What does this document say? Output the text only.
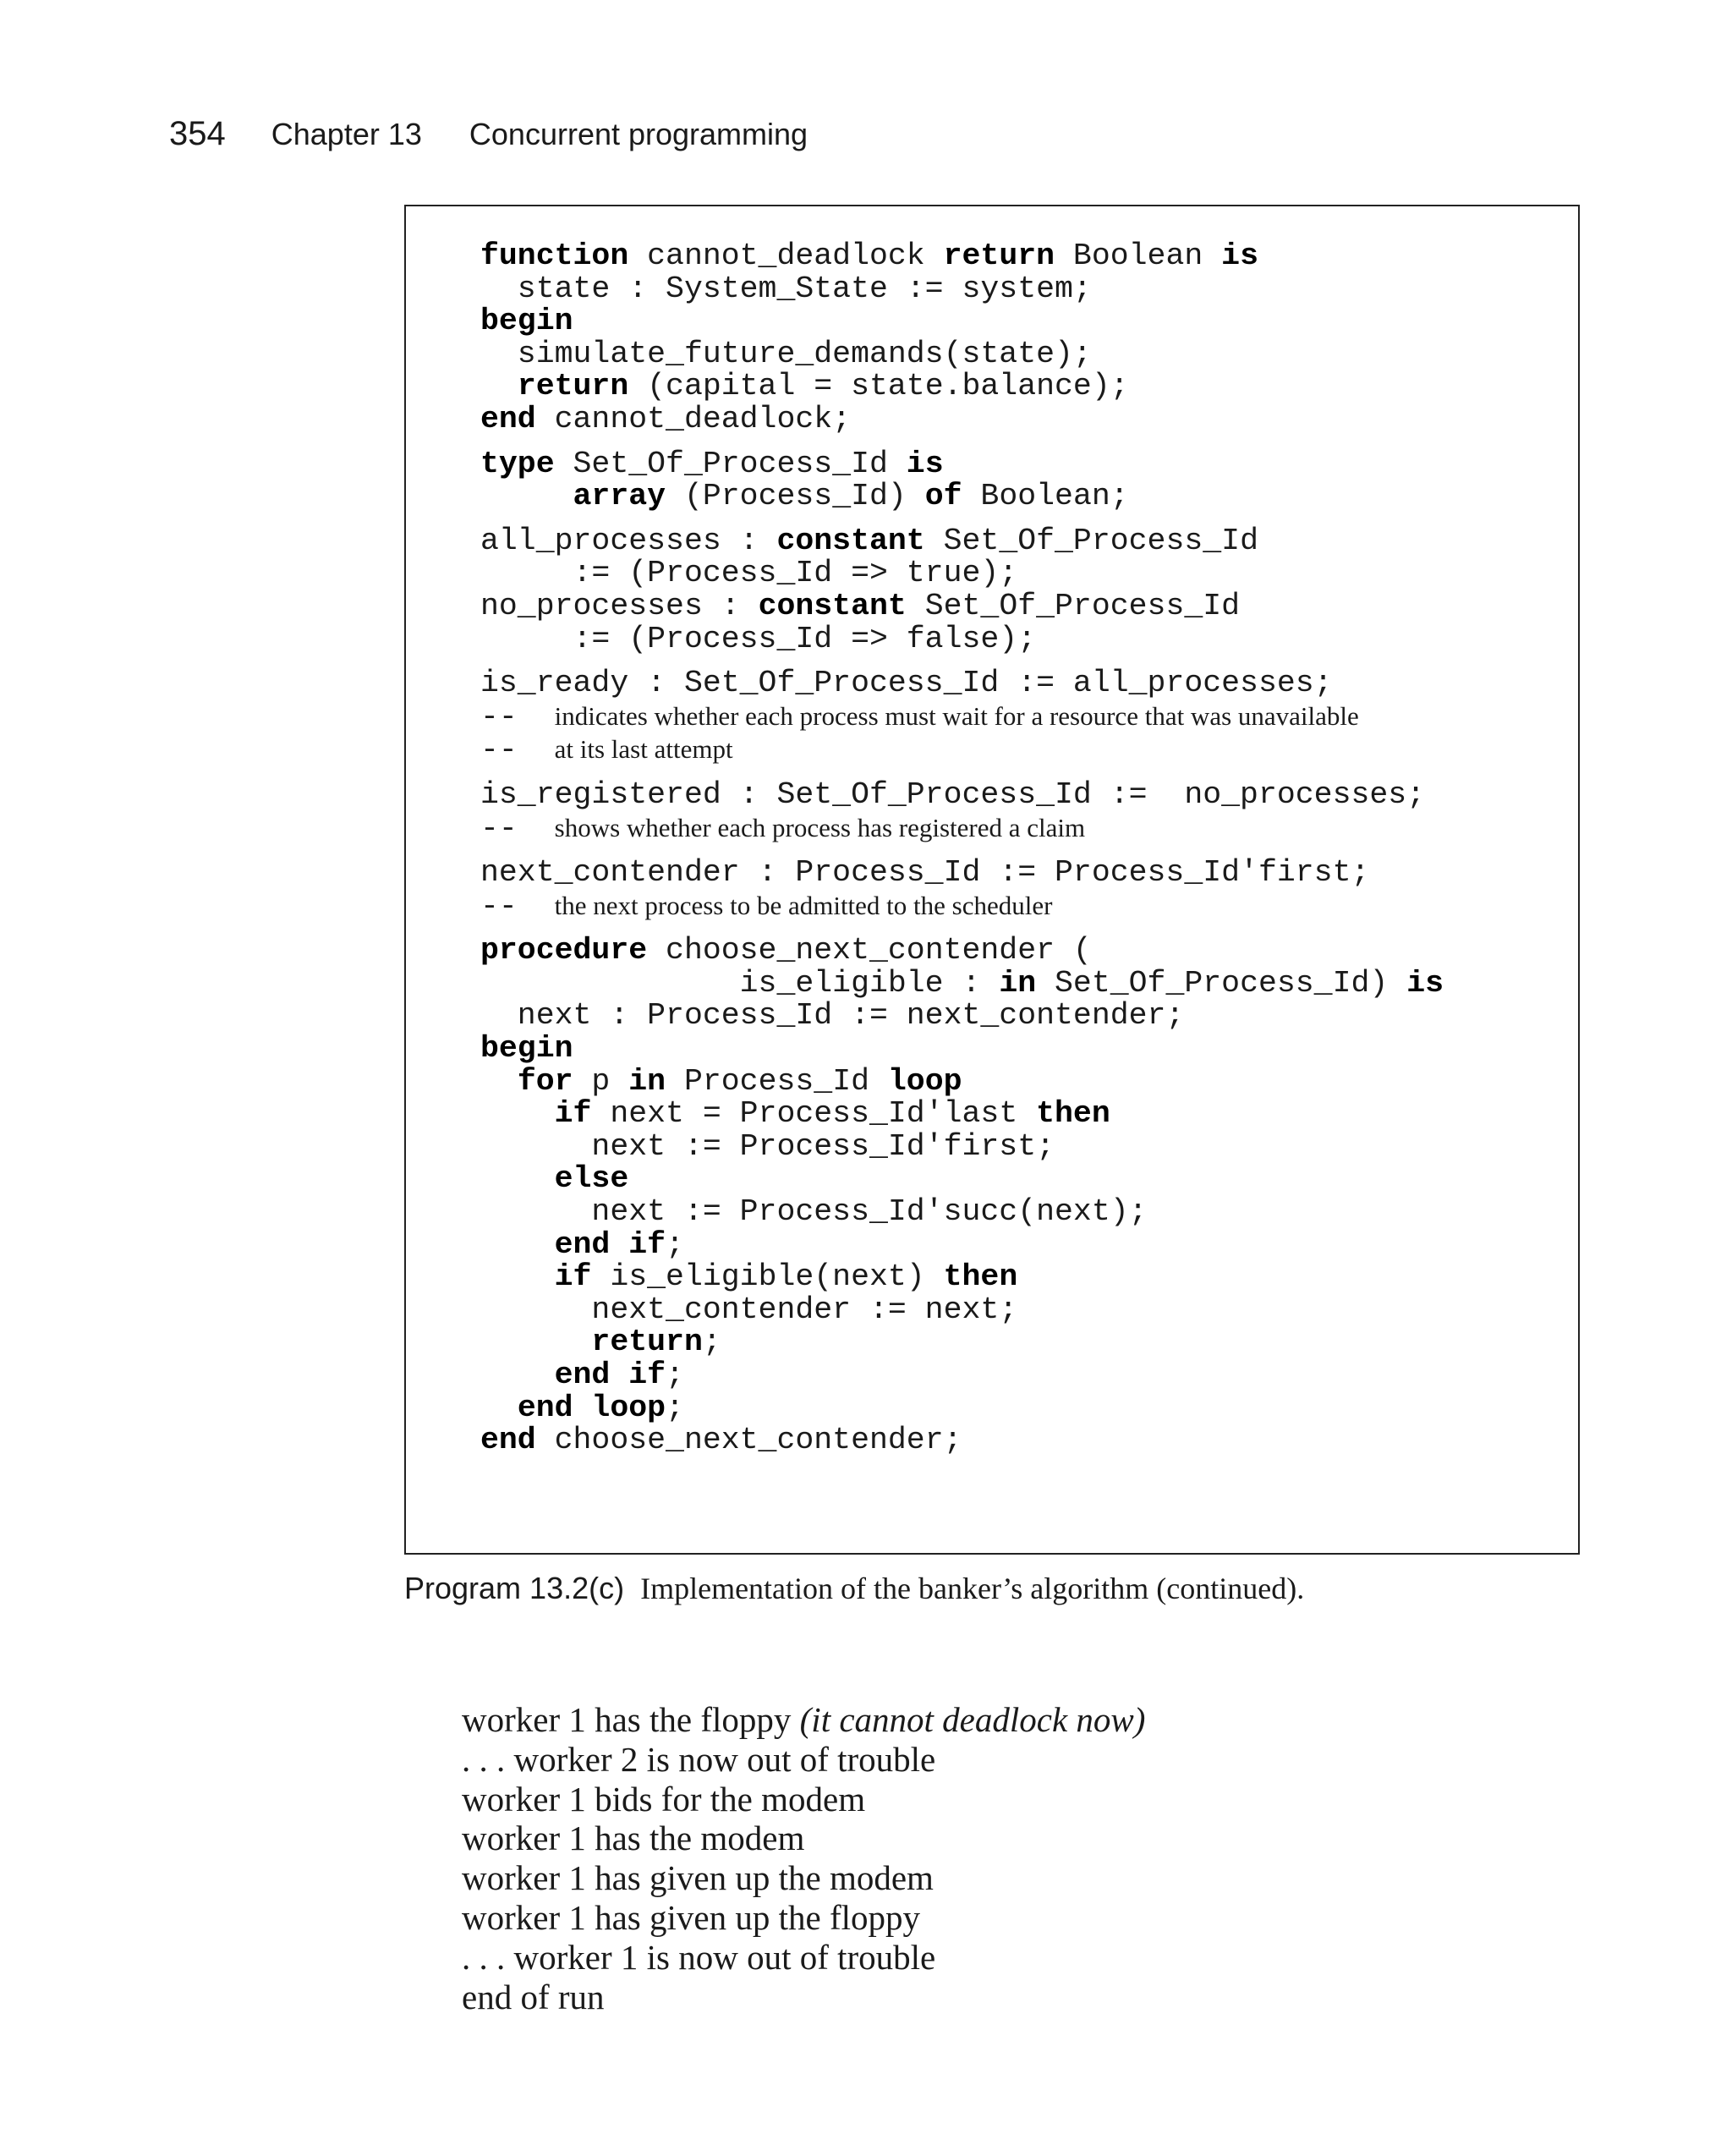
354 Chapter 13 Concurrent programming
function cannot_deadlock return Boolean is
state : System_State := system;
begin
simulate_future_demands(state);
return (capital = state.balance);
end cannot_deadlock;
type Set_Of_Process_Id is
array (Process_Id) of Boolean;
all_processes : constant Set_Of_Process_Id
:= (Process_Id => true);
no_processes : constant Set_Of_Process_Id
:= (Process_Id => false);
is_ready : Set_Of_Process_Id := all_processes;
--  indicates whether each process must wait for a resource that was unavailable
--  at its last attempt
is_registered : Set_Of_Process_Id :=  no_processes;
--  shows whether each process has registered a claim
next_contender : Process_Id := Process_Id'first;
--  the next process to be admitted to the scheduler
procedure choose_next_contender (
is_eligible : in Set_Of_Process_Id) is
next : Process_Id := next_contender;
begin
for p in Process_Id loop
if next = Process_Id'last then
next := Process_Id'first;
else
next := Process_Id'succ(next);
end if;
if is_eligible(next) then
next_contender := next;
return;
end if;
end loop;
end choose_next_contender;
Program 13.2(c) Implementation of the banker’s algorithm (continued).
worker 1 has the floppy (it cannot deadlock now)
. . . worker 2 is now out of trouble
worker 1 bids for the modem
worker 1 has the modem
worker 1 has given up the modem
worker 1 has given up the floppy
. . . worker 1 is now out of trouble
end of run
